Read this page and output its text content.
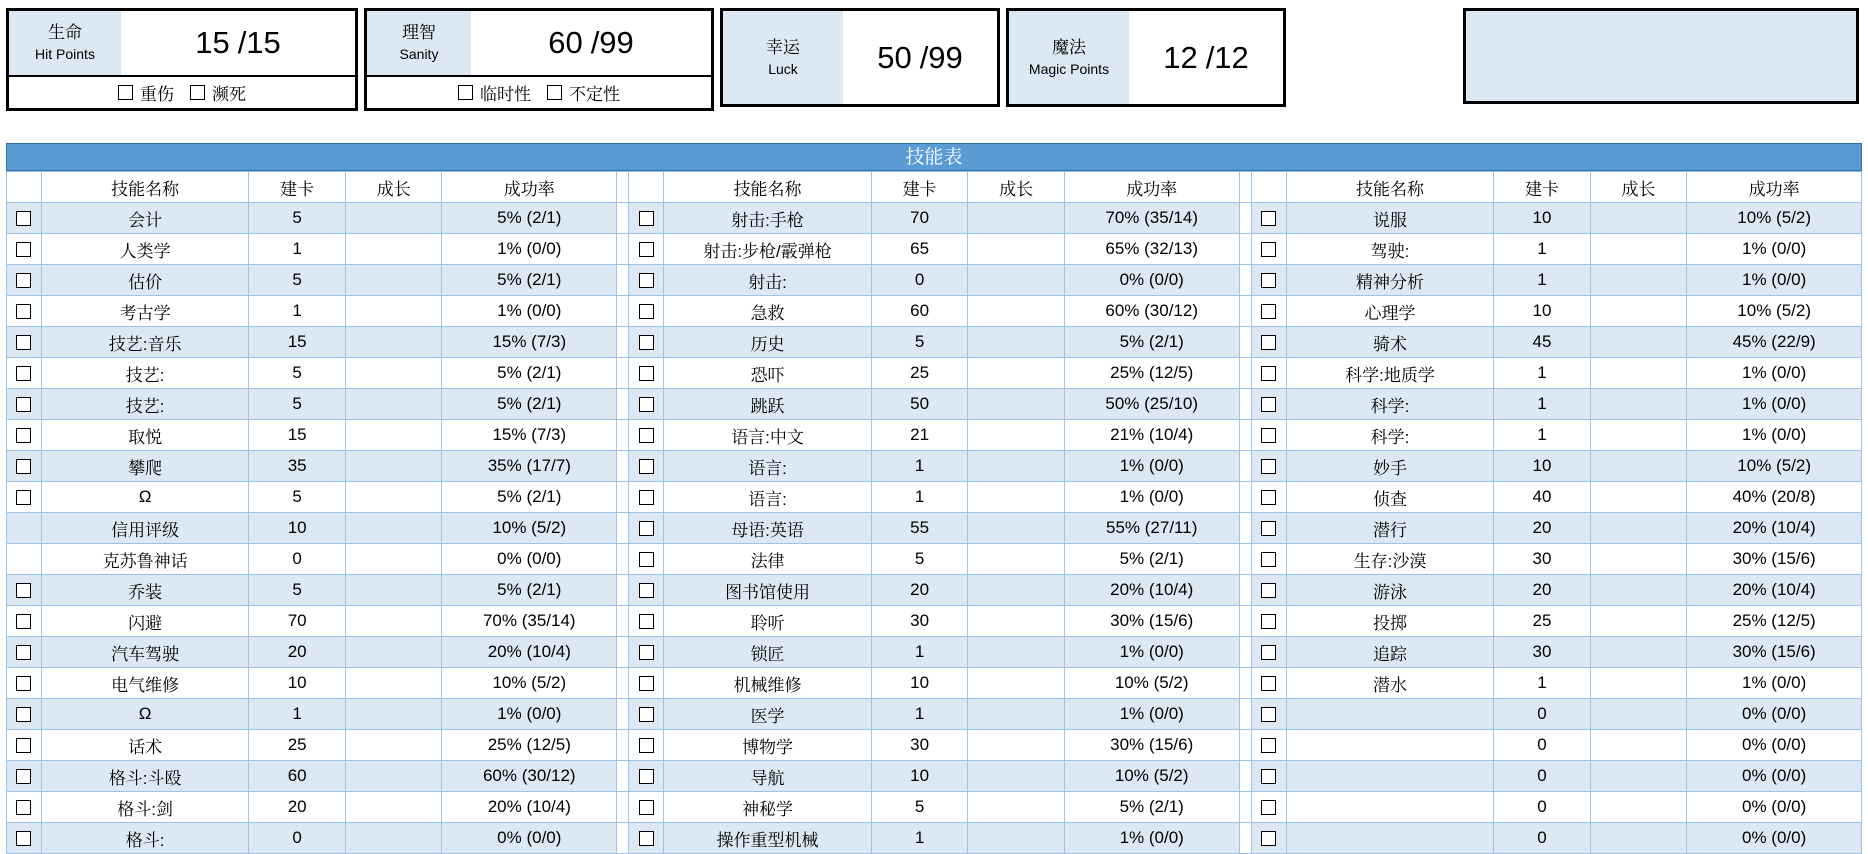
生命
Hit Points	15 /15
重伤 濒死
理智
Sanity	60 /99
临时性 不定性
幸运
Luck	50 /99	魔法
Magic Points 12 /12
技能表
	技能名称	建卡	成长	成功率			技能名称	建卡	成长	成功率			技能名称	建卡	成长	成功率
	会计	5		5% (2/1)			射击:手枪	70		70% (35/14)			说服	10		10% (5/2)
	人类学	1		1% (0/0)			射击:步枪/霰弹枪	65		65% (32/13)			驾驶:	1		1% (0/0)
	估价	5		5% (2/1)			射击:	0		0% (0/0)			精神分析	1		1% (0/0)
	考古学	1		1% (0/0)			急救	60		60% (30/12)			心理学	10		10% (5/2)
	技艺:音乐	15		15% (7/3)			历史	5		5% (2/1)			骑术	45		45% (22/9)
	技艺:	5		5% (2/1)			恐吓	25		25% (12/5)			科学:地质学	1		1% (0/0)
	技艺:	5		5% (2/1)			跳跃	50		50% (25/10)			科学:	1		1% (0/0)
	取悦	15		15% (7/3)			语言:中文	21		21% (10/4)			科学:	1		1% (0/0)
	攀爬	35		35% (17/7)			语言:	1		1% (0/0)			妙手	10		10% (5/2)
	Ω	5		5% (2/1)			语言:	1		1% (0/0)			侦查	40		40% (20/8)
	信用评级	10		10% (5/2)			母语:英语	55		55% (27/11)			潜行	20		20% (10/4)
	克苏鲁神话	0		0% (0/0)			法律	5		5% (2/1)			生存:沙漠	30		30% (15/6)
	乔装	5		5% (2/1)			图书馆使用	20		20% (10/4)			游泳	20		20% (10/4)
	闪避	70		70% (35/14)			聆听	30		30% (15/6)			投掷	25		25% (12/5)
	汽车驾驶	20		20% (10/4)			锁匠	1		1% (0/0)			追踪	30		30% (15/6)
	电气维修	10		10% (5/2)			机械维修	10		10% (5/2)			潜水	1		1% (0/0)
	Ω	1		1% (0/0)			医学	1		1% (0/0)				0		0% (0/0)
	话术	25		25% (12/5)			博物学	30		30% (15/6)				0		0% (0/0)
	格斗:斗殴	60		60% (30/12)			导航	10		10% (5/2)				0		0% (0/0)
	格斗:剑	20		20% (10/4)			神秘学	5		5% (2/1)				0		0% (0/0)
	格斗:	0		0% (0/0)			操作重型机械	1		1% (0/0)				0		0% (0/0)
